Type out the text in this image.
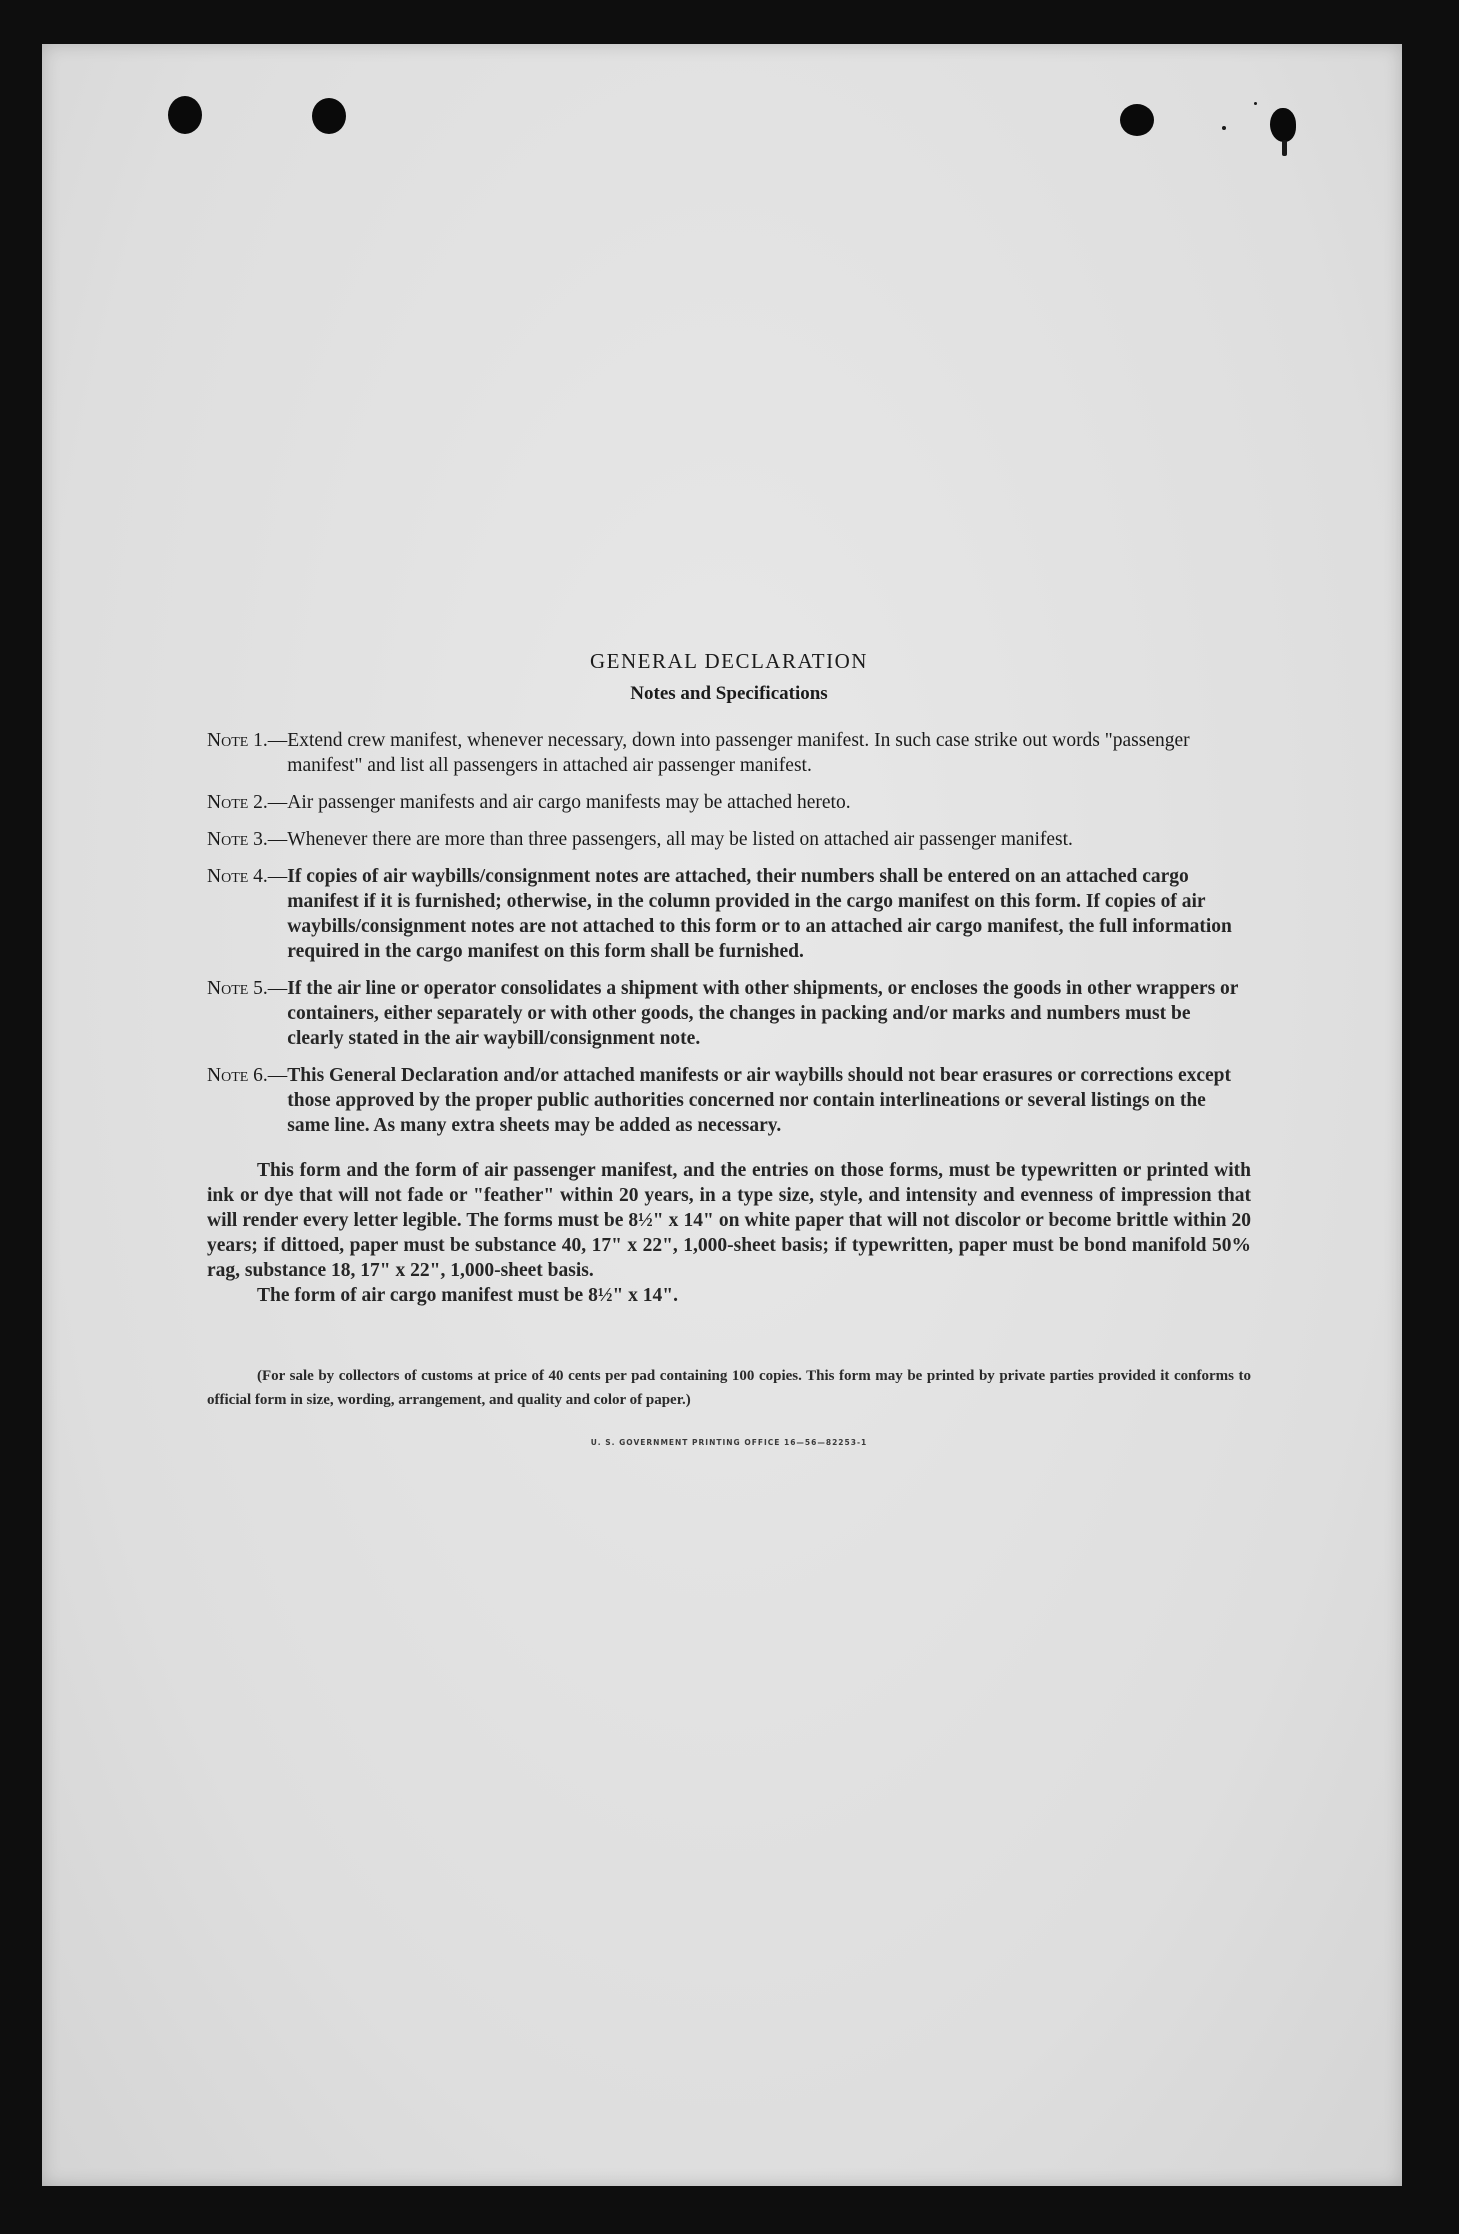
GENERAL DECLARATION
Notes and Specifications
Note 1. — Extend crew manifest, whenever necessary, down into passenger manifest. In such case strike out words "passenger manifest" and list all passengers in attached air passenger manifest.
Note 2. — Air passenger manifests and air cargo manifests may be attached hereto.
Note 3. — Whenever there are more than three passengers, all may be listed on attached air passenger manifest.
Note 4. — If copies of air waybills/consignment notes are attached, their numbers shall be entered on an attached cargo manifest if it is furnished; otherwise, in the column provided in the cargo manifest on this form. If copies of air waybills/consignment notes are not attached to this form or to an attached air cargo manifest, the full information required in the cargo manifest on this form shall be furnished.
Note 5. — If the air line or operator consolidates a shipment with other shipments, or encloses the goods in other wrappers or containers, either separately or with other goods, the changes in packing and/or marks and numbers must be clearly stated in the air waybill/consignment note.
Note 6. — This General Declaration and/or attached manifests or air waybills should not bear erasures or corrections except those approved by the proper public authorities concerned nor contain interlineations or several listings on the same line. As many extra sheets may be added as necessary.

This form and the form of air passenger manifest, and the entries on those forms, must be typewritten or printed with ink or dye that will not fade or "feather" within 20 years, in a type size, style, and intensity and evenness of impression that will render every letter legible. The forms must be 8½" x 14" on white paper that will not discolor or become brittle within 20 years; if dittoed, paper must be substance 40, 17" x 22", 1,000-sheet basis; if typewritten, paper must be bond manifold 50% rag, substance 18, 17" x 22", 1,000-sheet basis.

The form of air cargo manifest must be 8½" x 14".

(For sale by collectors of customs at price of 40 cents per pad containing 100 copies. This form may be printed by private parties provided it conforms to official form in size, wording, arrangement, and quality and color of paper.)

U. S. GOVERNMENT PRINTING OFFICE 16—56—82253-1
